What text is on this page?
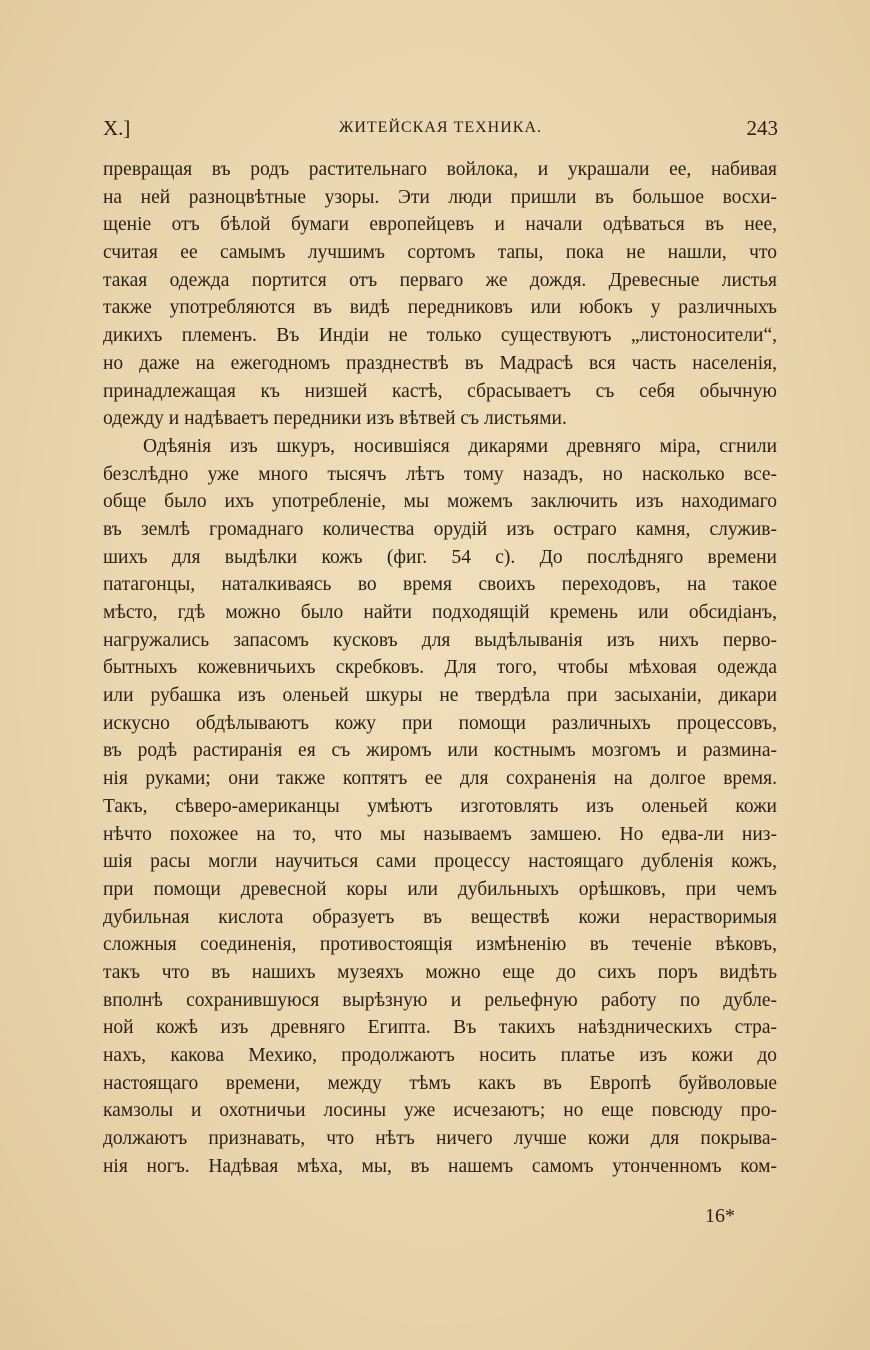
X.]	ЖИТЕЙСКАЯ ТЕХНИКА.	243
превращая въ родъ растительнаго войлока, и украшали ее, набивая
на ней разноцвѣтные узоры. Эти люди пришли въ большое восхи-
щеніе отъ бѣлой бумаги европейцевъ и начали одѣваться въ нее,
считая ее самымъ лучшимъ сортомъ тапы, пока не нашли, что
такая одежда портится отъ перваго же дождя. Древесные листья
также употребляются въ видѣ передниковъ или юбокъ у различныхъ
дикихъ племенъ. Въ Индіи не только существуютъ „листоносители“,
но даже на ежегодномъ празднествѣ въ Мадрасѣ вся часть населенія,
принадлежащая къ низшей кастѣ, сбрасываетъ съ себя обычную
одежду и надѣваетъ передники изъ вѣтвей съ листьями.
Одѣянія изъ шкуръ, носившіяся дикарями древняго міра, сгнили
безслѣдно уже много тысячъ лѣтъ тому назадъ, но насколько все-
обще было ихъ употребленіе, мы можемъ заключить изъ находимаго
въ землѣ громаднаго количества орудій изъ остраго камня, служив-
шихъ для выдѣлки кожъ (фиг. 54 с). До послѣдняго времени
патагонцы, наталкиваясь во время своихъ переходовъ, на такое
мѣсто, гдѣ можно было найти подходящій кремень или обсидіанъ,
нагружались запасомъ кусковъ для выдѣлыванія изъ нихъ перво-
бытныхъ кожевничьихъ скребковъ. Для того, чтобы мѣховая одежда
или рубашка изъ оленьей шкуры не твердѣла при засыханіи, дикари
искусно обдѣлываютъ кожу при помощи различныхъ процессовъ,
въ родѣ растиранія ея съ жиромъ или костнымъ мозгомъ и размина-
нія руками; они также коптятъ ее для сохраненія на долгое время.
Такъ, сѣверо-американцы умѣютъ изготовлять изъ оленьей кожи
нѣчто похожее на то, что мы называемъ замшею. Но едва-ли низ-
шія расы могли научиться сами процессу настоящаго дубленія кожъ,
при помощи древесной коры или дубильныхъ орѣшковъ, при чемъ
дубильная кислота образуетъ въ веществѣ кожи нерастворимыя
сложныя соединенія, противостоящія измѣненію въ теченіе вѣковъ,
такъ что въ нашихъ музеяхъ можно еще до сихъ поръ видѣть
вполнѣ сохранившуюся вырѣзную и рельефную работу по дубле-
ной кожѣ изъ древняго Египта. Въ такихъ наѣздническихъ стра-
нахъ, какова Мехико, продолжаютъ носить платье изъ кожи до
настоящаго времени, между тѣмъ какъ въ Европѣ буйволовые
камзолы и охотничьи лосины уже исчезаютъ; но еще повсюду про-
должаютъ признавать, что нѣтъ ничего лучше кожи для покрыва-
нія ногъ. Надѣвая мѣха, мы, въ нашемъ самомъ утонченномъ ком-
16*
